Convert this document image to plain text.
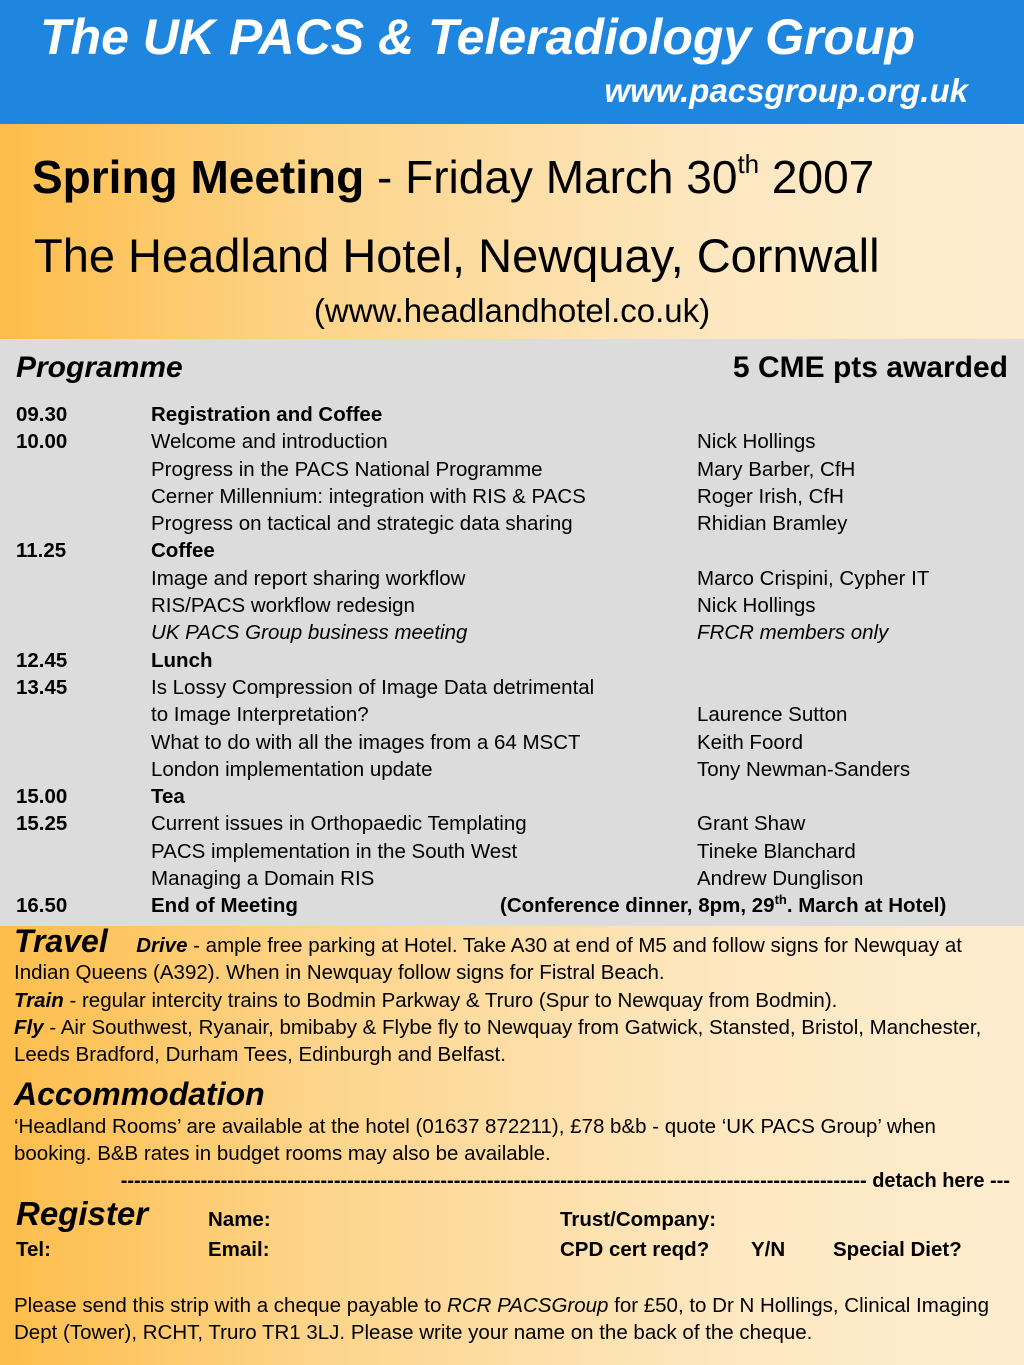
The UK PACS & Teleradiology Group
www.pacsgroup.org.uk
Spring Meeting - Friday March 30th 2007
The Headland Hotel, Newquay, Cornwall
(www.headlandhotel.co.uk)
Programme	5 CME pts awarded
09.30	Registration and Coffee
10.00	Welcome and introduction	Nick Hollings
Progress in the PACS National Programme	Mary Barber, CfH
Cerner Millennium: integration with RIS & PACS	Roger Irish, CfH
Progress on tactical and strategic data sharing	Rhidian Bramley
11.25	Coffee
Image and report sharing workflow	Marco Crispini, Cypher IT
RIS/PACS workflow redesign	Nick Hollings
UK PACS Group business meeting	FRCR members only
12.45	Lunch
13.45	Is Lossy Compression of Image Data detrimental
to Image Interpretation?	Laurence Sutton
What to do with all the images from a 64 MSCT	Keith Foord
London implementation update	Tony Newman-Sanders
15.00	Tea
15.25	Current issues in Orthopaedic Templating	Grant Shaw
PACS implementation in the South West	Tineke Blanchard
Managing a Domain RIS	Andrew Dunglison
16.50	End of Meeting	(Conference dinner, 8pm, 29th. March at Hotel)
Travel Drive - ample free parking at Hotel. Take A30 at end of M5 and follow signs for Newquay at Indian Queens (A392). When in Newquay follow signs for Fistral Beach.
Train - regular intercity trains to Bodmin Parkway & Truro (Spur to Newquay from Bodmin).
Fly - Air Southwest, Ryanair, bmibaby & Flybe fly to Newquay from Gatwick, Stansted, Bristol, Manchester, Leeds Bradford, Durham Tees, Edinburgh and Belfast.
Accommodation
‘Headland Rooms’ are available at the hotel (01637 872211), £78 b&b - quote ‘UK PACS Group’ when booking. B&B rates in budget rooms may also be available.
---------------------------------------------------------------------------------------------------------------- detach here ---
Register	Name:	Trust/Company:
Tel:	Email:	CPD cert reqd? Y/N Special Diet?
Please send this strip with a cheque payable to RCR PACSGroup for £50, to Dr N Hollings, Clinical Imaging Dept (Tower), RCHT, Truro TR1 3LJ. Please write your name on the back of the cheque.
